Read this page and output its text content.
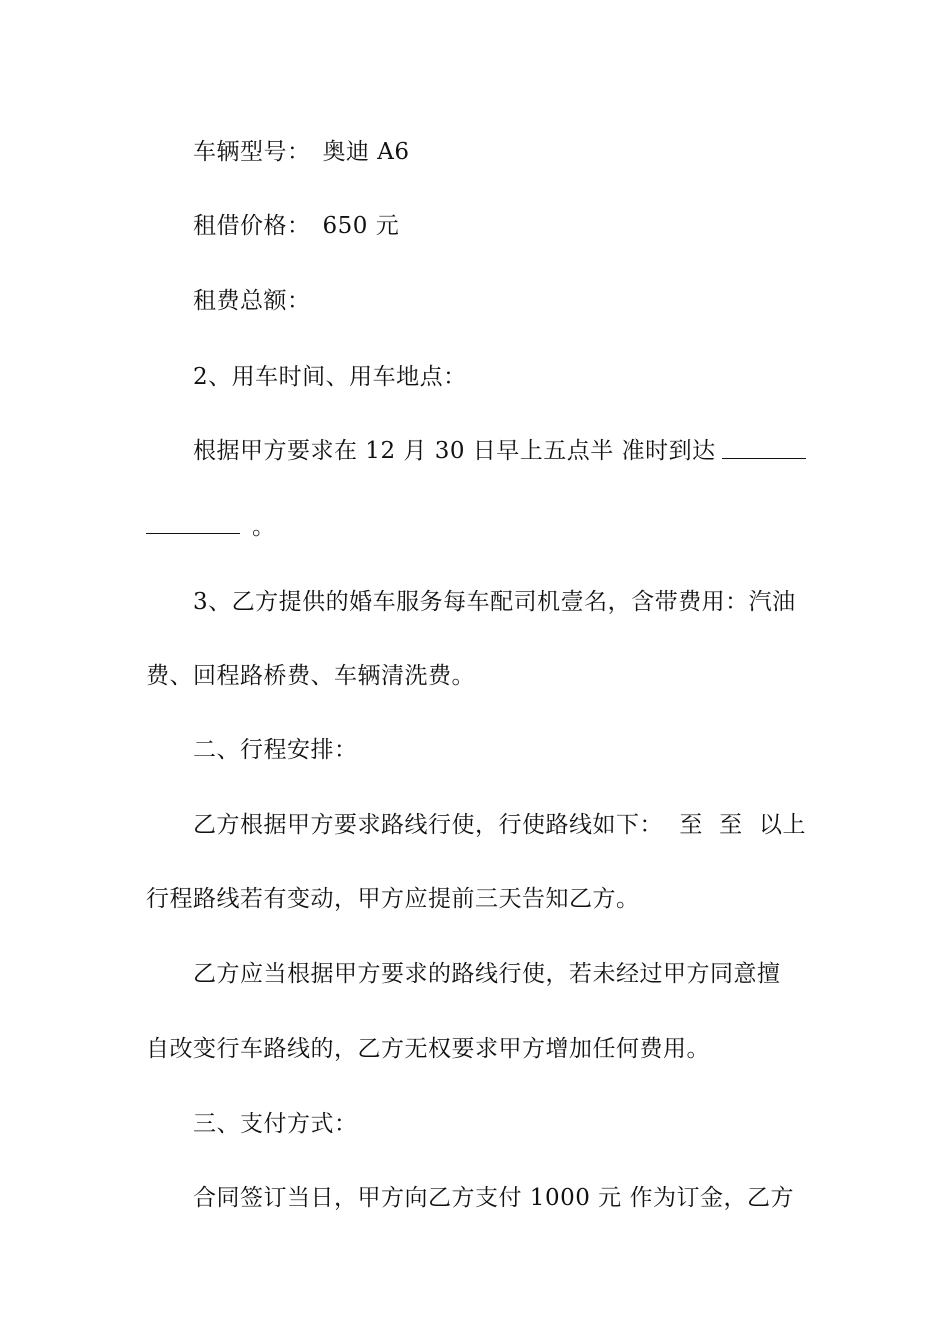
车辆型号： 奥迪 A6
租借价格： 650 元
租费总额：
2、用车时间、用车地点：
根据甲方要求在 12 月 30 日早上五点半 准时到达
。
3、乙方提供的婚车服务每车配司机壹名，含带费用：汽油
费、回程路桥费、车辆清洗费。
二、行程安排：
乙方根据甲方要求路线行使，行使路线如下： 至 至 以上
行程路线若有变动，甲方应提前三天告知乙方。
乙方应当根据甲方要求的路线行使，若未经过甲方同意擅
自改变行车路线的，乙方无权要求甲方增加任何费用。
三、支付方式：
合同签订当日，甲方向乙方支付 1000 元 作为订金，乙方
